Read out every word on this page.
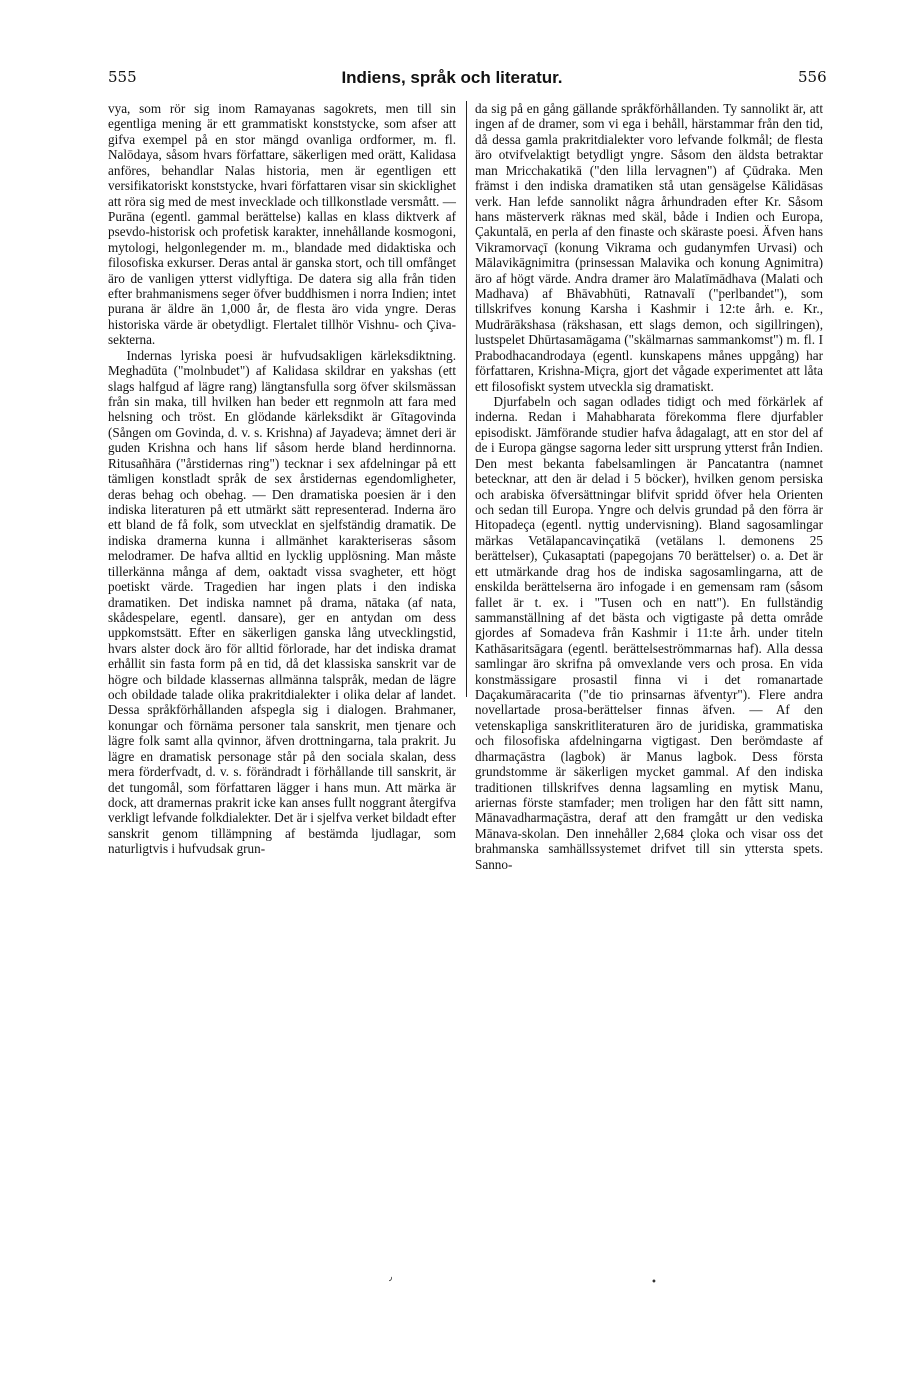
555	Indiens, språk och literatur.	556

vya, som rör sig inom Ramayanas sagokrets, men till sin egentliga mening är ett grammatiskt konststycke, som afser att gifva exempel på en stor mängd ovanliga ordformer, m. fl. Nalōdaya, såsom hvars författare, säkerligen med orätt, Kalidasa anföres, behandlar Nalas historia, men är egentligen ett versifikatoriskt konststycke, hvari författaren visar sin skicklighet att röra sig med de mest invecklade och tillkonstlade versmått. — Purāna (egentl. gammal berättelse) kallas en klass diktverk af psevdo-historisk och profetisk karakter, innehållande kosmogoni, mytologi, helgonlegender m. m., blandade med didaktiska och filosofiska exkurser. Deras antal är ganska stort, och till omfånget äro de vanligen ytterst vidlyftiga. De datera sig alla från tiden efter brahmanismens seger öfver buddhismen i norra Indien; intet purana är äldre än 1,000 år, de flesta äro vida yngre. Deras historiska värde är obetydligt. Flertalet tillhör Vishnu- och Çiva-sekterna.

Indernas lyriska poesi är hufvudsakligen kärleksdiktning. Meghadūta ("molnbudet") af Kalidasa skildrar en yakshas (ett slags halfgud af lägre rang) längtansfulla sorg öfver skilsmässan från sin maka, till hvilken han beder ett regnmoln att fara med helsning och tröst. En glödande kärleksdikt är Gītagovinda (Sången om Govinda, d. v. s. Krishna) af Jayadeva; ämnet deri är guden Krishna och hans lif såsom herde bland herdinnorna. Ritusañhāra ("årstidernas ring") tecknar i sex afdelningar på ett tämligen konstladt språk de sex årstidernas egendomligheter, deras behag och obehag. — Den dramatiska poesien är i den indiska literaturen på ett utmärkt sätt representerad. Inderna äro ett bland de få folk, som utvecklat en sjelfständig dramatik. De indiska dramerna kunna i allmänhet karakteriseras såsom melodramer. De hafva alltid en lycklig upplösning. Man måste tillerkänna många af dem, oaktadt vissa svagheter, ett högt poetiskt värde. Tragedien har ingen plats i den indiska dramatiken. Det indiska namnet på drama, nātaka (af nata, skådespelare, egentl. dansare), ger en antydan om dess uppkomstsätt. Efter en säkerligen ganska lång utvecklingstid, hvars alster dock äro för alltid förlorade, har det indiska dramat erhållit sin fasta form på en tid, då det klassiska sanskrit var de högre och bildade klassernas allmänna talspråk, medan de lägre och obildade talade olika prakritdialekter i olika delar af landet. Dessa språkförhållanden afspegla sig i dialogen. Brahmaner, konungar och förnäma personer tala sanskrit, men tjenare och lägre folk samt alla qvinnor, äfven drottningarna, tala prakrit. Ju lägre en dramatisk personage står på den sociala skalan, dess mera förderfvadt, d. v. s. förändradt i förhållande till sanskrit, är det tungomål, som författaren lägger i hans mun. Att märka är dock, att dramernas prakrit icke kan anses fullt noggrant återgifva verkligt lefvande folkdialekter. Det är i sjelfva verket bildadt efter sanskrit genom tillämpning af bestämda ljudlagar, som naturligtvis i hufvudsak grun-

da sig på en gång gällande språkförhållanden. Ty sannolikt är, att ingen af de dramer, som vi ega i behåll, härstammar från den tid, då dessa gamla prakritdialekter voro lefvande folkmål; de flesta äro otvifvelaktigt betydligt yngre. Såsom den äldsta betraktar man Mricchakatikā ("den lilla lervagnen") af Çūdraka. Men främst i den indiska dramatiken stå utan gensägelse Kālidāsas verk. Han lefde sannolikt några århundraden efter Kr. Såsom hans mästerverk räknas med skäl, både i Indien och Europa, Çakuntalā, en perla af den finaste och skäraste poesi. Äfven hans Vikramorvaçī (konung Vikrama och gudanymfen Urvasi) och Mālavikāgnimitra (prinsessan Malavika och konung Agnimitra) äro af högt värde. Andra dramer äro Malatīmādhava (Malati och Madhava) af Bhāvabhūti, Ratnavalī ("perlbandet"), som tillskrifves konung Karsha i Kashmir i 12:te årh. e. Kr., Mudrārākshasa (räkshasan, ett slags demon, och sigillringen), lustspelet Dhūrtasamāgama ("skälmarnas sammankomst") m. fl. I Prabodhacandrodaya (egentl. kunskapens månes uppgång) har författaren, Krishna-Miçra, gjort det vågade experimentet att låta ett filosofiskt system utveckla sig dramatiskt.

Djurfabeln och sagan odlades tidigt och med förkärlek af inderna. Redan i Mahabharata förekomma flere djurfabler episodiskt. Jämförande studier hafva ådagalagt, att en stor del af de i Europa gängse sagorna leder sitt ursprung ytterst från Indien. Den mest bekanta fabelsamlingen är Pancatantra (namnet betecknar, att den är delad i 5 böcker), hvilken genom persiska och arabiska öfversättningar blifvit spridd öfver hela Orienten och sedan till Europa. Yngre och delvis grundad på den förra är Hitopadeça (egentl. nyttig undervisning). Bland sagosamlingar märkas Vetālapancavinçatikā (vetälans l. demonens 25 berättelser), Çukasaptati (papegojans 70 berättelser) o. a. Det är ett utmärkande drag hos de indiska sagosamlingarna, att de enskilda berättelserna äro infogade i en gemensam ram (såsom fallet är t. ex. i "Tusen och en natt"). En fullständig sammanställning af det bästa och vigtigaste på detta område gjordes af Somadeva från Kashmir i 11:te årh. under titeln Kathāsaritsāgara (egentl. berättelseströmmarnas haf). Alla dessa samlingar äro skrifna på omvexlande vers och prosa. En vida konstmässigare prosastil finna vi i det romanartade Daçakumāracarita ("de tio prinsarnas äfventyr"). Flere andra novellartade prosa-berättelser finnas äfven. — Af den vetenskapliga sanskritliteraturen äro de juridiska, grammatiska och filosofiska afdelningarna vigtigast. Den berömdaste af dharmaçāstra (lagbok) är Manus lagbok. Dess första grundstomme är säkerligen mycket gammal. Af den indiska traditionen tillskrifves denna lagsamling en mytisk Manu, ariernas förste stamfader; men troligen har den fått sitt namn, Mānavadharmaçāstra, deraf att den framgått ur den vediska Mānava-skolan. Den innehåller 2,684 çloka och visar oss det brahmanska samhällssystemet drifvet till sin yttersta spets. Sanno-

٫	•
